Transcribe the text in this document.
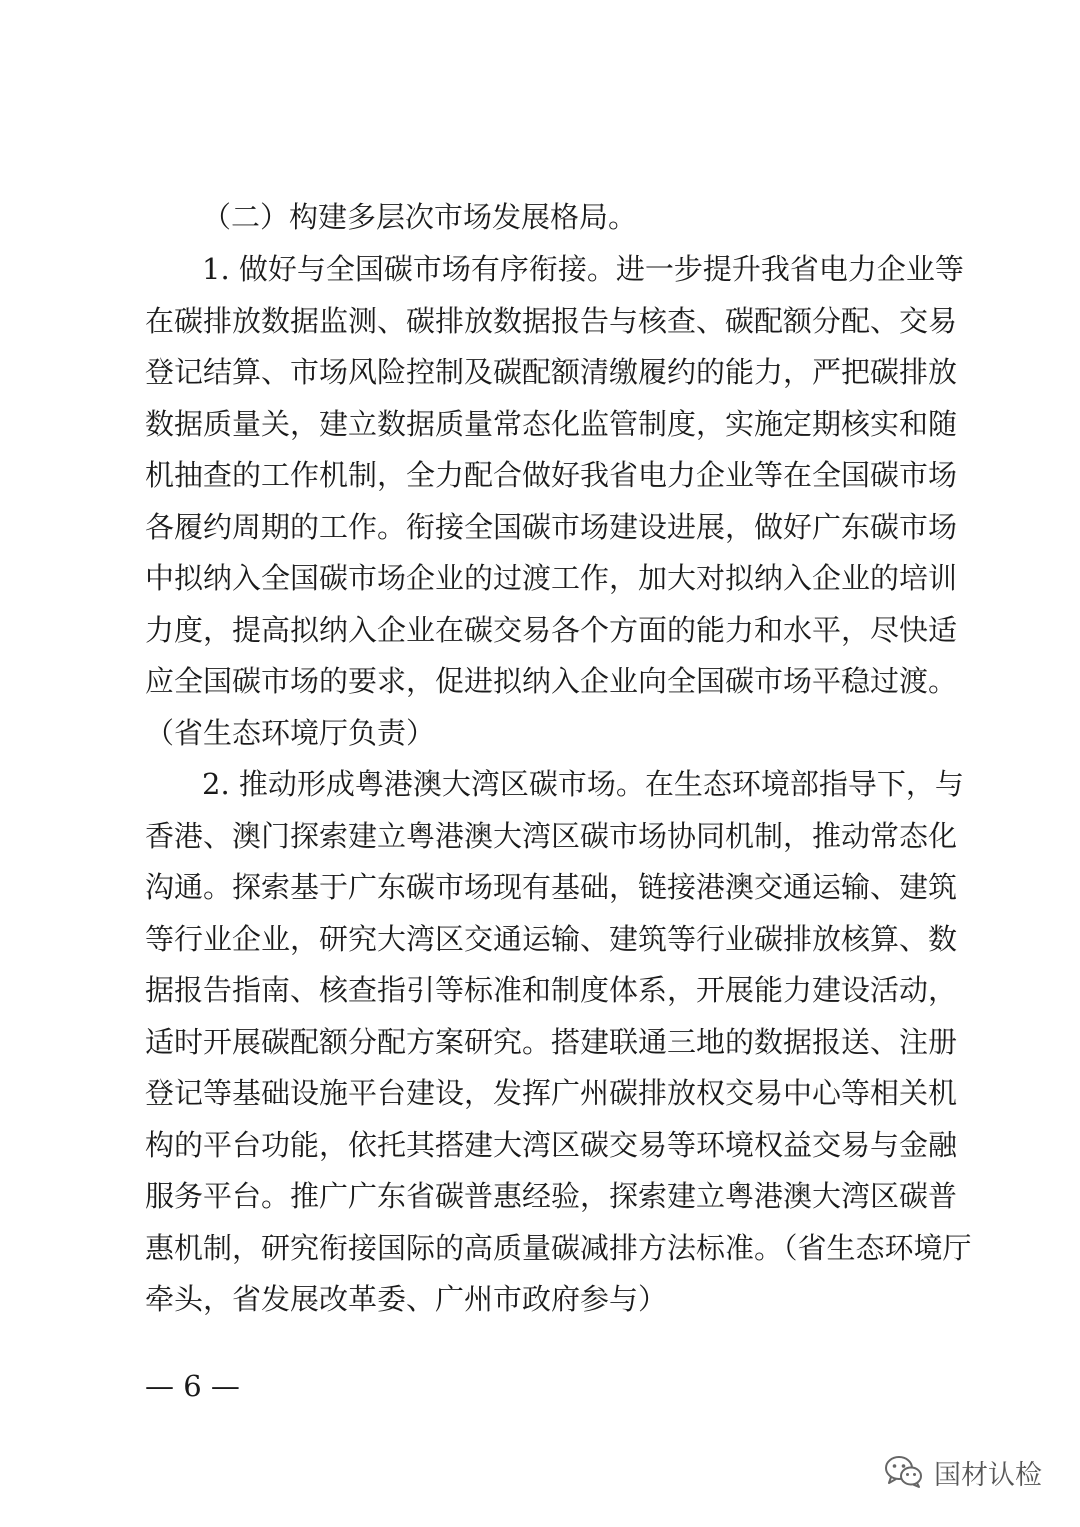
（二）构建多层次市场发展格局。
1. 做好与全国碳市场有序衔接。进一步提升我省电力企业等
在碳排放数据监测、碳排放数据报告与核查、碳配额分配、交易
登记结算、市场风险控制及碳配额清缴履约的能力，严把碳排放
数据质量关，建立数据质量常态化监管制度，实施定期核实和随
机抽查的工作机制，全力配合做好我省电力企业等在全国碳市场
各履约周期的工作。衔接全国碳市场建设进展，做好广东碳市场
中拟纳入全国碳市场企业的过渡工作，加大对拟纳入企业的培训
力度，提高拟纳入企业在碳交易各个方面的能力和水平，尽快适
应全国碳市场的要求，促进拟纳入企业向全国碳市场平稳过渡。
（省生态环境厅负责）
2. 推动形成粤港澳大湾区碳市场。在生态环境部指导下，与
香港、澳门探索建立粤港澳大湾区碳市场协同机制，推动常态化
沟通。探索基于广东碳市场现有基础，链接港澳交通运输、建筑
等行业企业，研究大湾区交通运输、建筑等行业碳排放核算、数
据报告指南、核查指引等标准和制度体系，开展能力建设活动，
适时开展碳配额分配方案研究。搭建联通三地的数据报送、注册
登记等基础设施平台建设，发挥广州碳排放权交易中心等相关机
构的平台功能，依托其搭建大湾区碳交易等环境权益交易与金融
服务平台。推广广东省碳普惠经验，探索建立粤港澳大湾区碳普
惠机制，研究衔接国际的高质量碳减排方法标准。（省生态环境厅
牵头，省发展改革委、广州市政府参与）
— 6 —
国材认检
